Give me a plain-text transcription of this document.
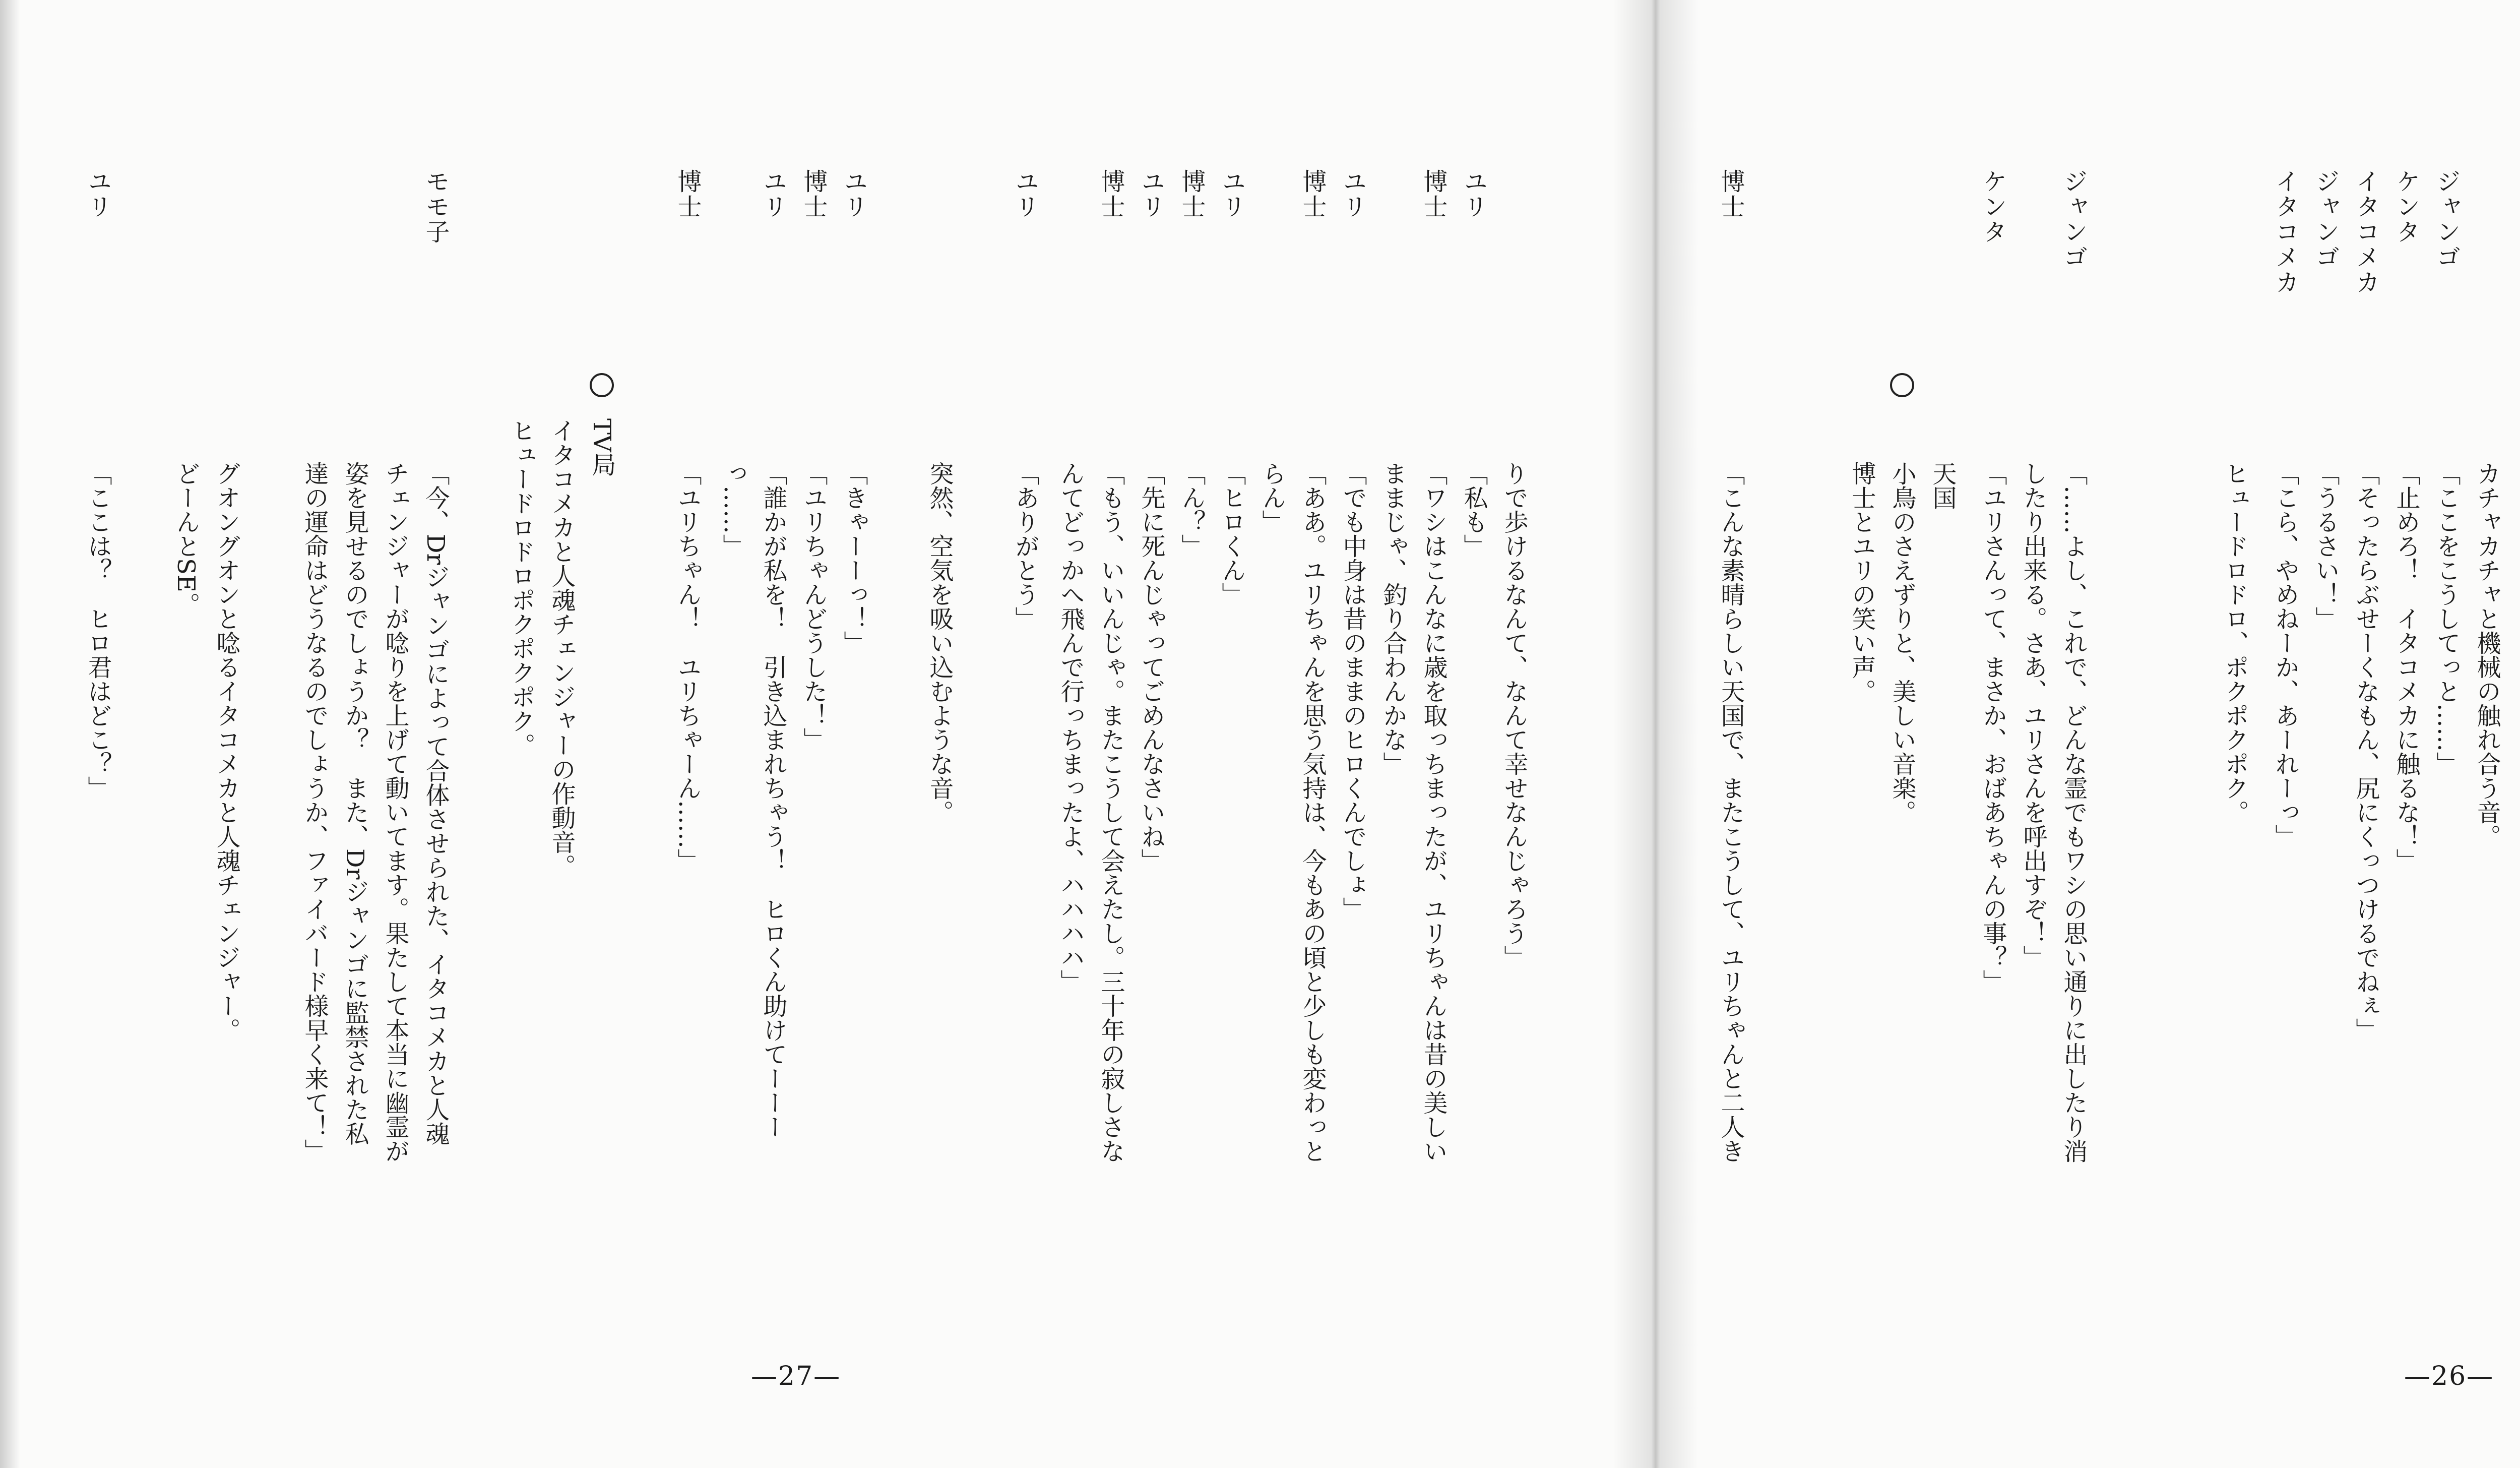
カチャカチャと機械の触れ合う音。
ジャンゴ
「ここをこうしてっと……」
ケンタ
「止めろ！　イタコメカに触るな！」
イタコメカ
「そったらぶせーくなもん、尻にくっつけるでねぇ」
ジャンゴ
「うるさい！」
イタコメカ
「こら、やめねーか、あーれーっ」
ヒュードロドロ、ポクポクポク。
ジャンゴ
「……よし、これで、どんな霊でもワシの思い通りに出したり消
したり出来る。さあ、ユリさんを呼出すぞ！」
ケンタ
「ユリさんって、まさか、おばあちゃんの事？」
天国
小鳥のさえずりと、美しい音楽。
博士とユリの笑い声。
博士
「こんな素晴らしい天国で、またこうして、ユリちゃんと二人き
—26—
りで歩けるなんて、なんて幸せなんじゃろう」
ユリ
「私も」
博士
「ワシはこんなに歳を取っちまったが、ユリちゃんは昔の美しい
ままじゃ、釣り合わんかな」
ユリ
「でも中身は昔のままのヒロくんでしょ」
博士
「ああ。ユリちゃんを思う気持は、今もあの頃と少しも変わっと
らん」
ユリ
「ヒロくん」
博士
「ん？」
ユリ
「先に死んじゃってごめんなさいね」
博士
「もう、いいんじゃ。またこうして会えたし。三十年の寂しさな
んてどっかへ飛んで行っちまったよ、ハハハハ」
ユリ
「ありがとう」
突然、空気を吸い込むような音。
ユリ
「きゃーーっ！」
博士
「ユリちゃんどうした！」
ユリ
「誰かが私を！　引き込まれちゃう！　ヒロくん助けてーーー
っ……」
博士
「ユリちゃん！　ユリちゃーん……」
TV局
イタコメカと人魂チェンジャーの作動音。
ヒュードロドロポクポクポク。
モモ子
「今、Drジャンゴによって合体させられた、イタコメカと人魂
チェンジャーが唸りを上げて動いてます。果たして本当に幽霊が
姿を見せるのでしょうか？　また、Drジャンゴに監禁された私
達の運命はどうなるのでしょうか、ファイバード様早く来て！」
グオングオンと唸るイタコメカと人魂チェンジャー。
どーんとSE。
ユリ
「ここは？　ヒロ君はどこ？」
—27—
